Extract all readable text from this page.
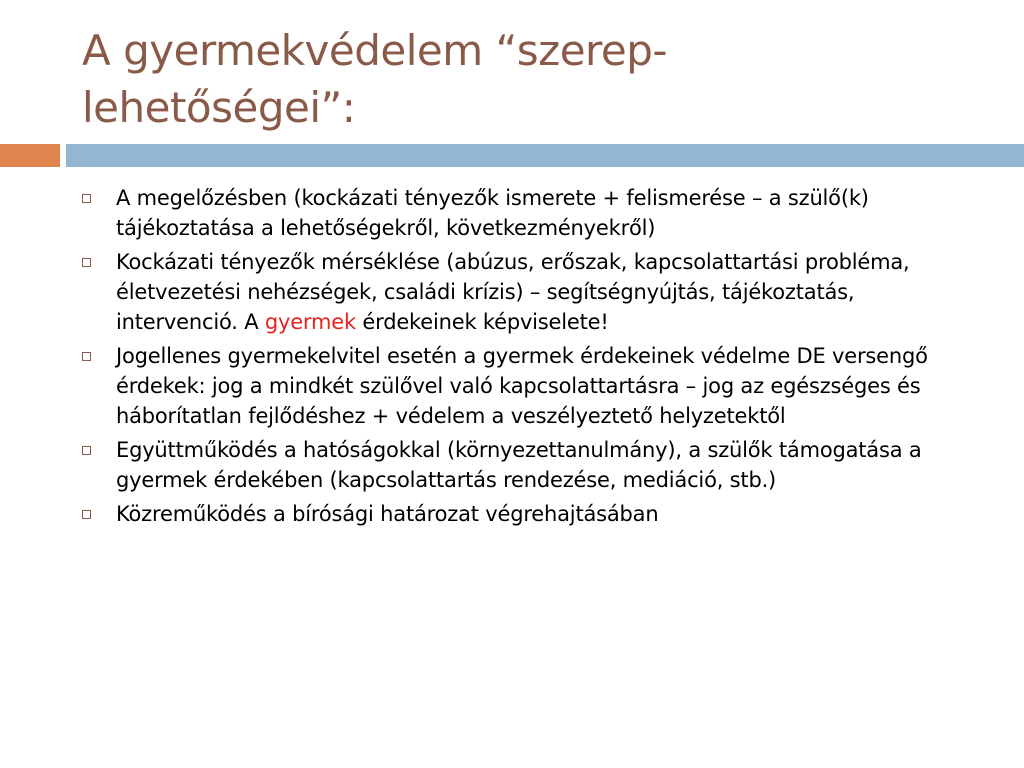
A gyermekvédelem “szerep-
lehetőségei”:
A megelőzésben (kockázati tényezők ismerete + felismerése – a szülő(k) tájékoztatása a lehetőségekről, következményekről)
Kockázati tényezők mérséklése (abúzus, erőszak, kapcsolattartási probléma, életvezetési nehézségek, családi krízis) – segítségnyújtás, tájékoztatás, intervenció. A gyermek érdekeinek képviselete!
Jogellenes gyermekelvitel esetén a gyermek érdekeinek védelme DE versengő érdekek: jog a mindkét szülővel való kapcsolattartásra – jog az egészséges és háborítatlan fejlődéshez + védelem a veszélyeztető helyzetektől
Együttműködés a hatóságokkal (környezettanulmány), a szülők támogatása a gyermek érdekében (kapcsolattartás rendezése, mediáció, stb.)
Közreműködés a bírósági határozat végrehajtásában
